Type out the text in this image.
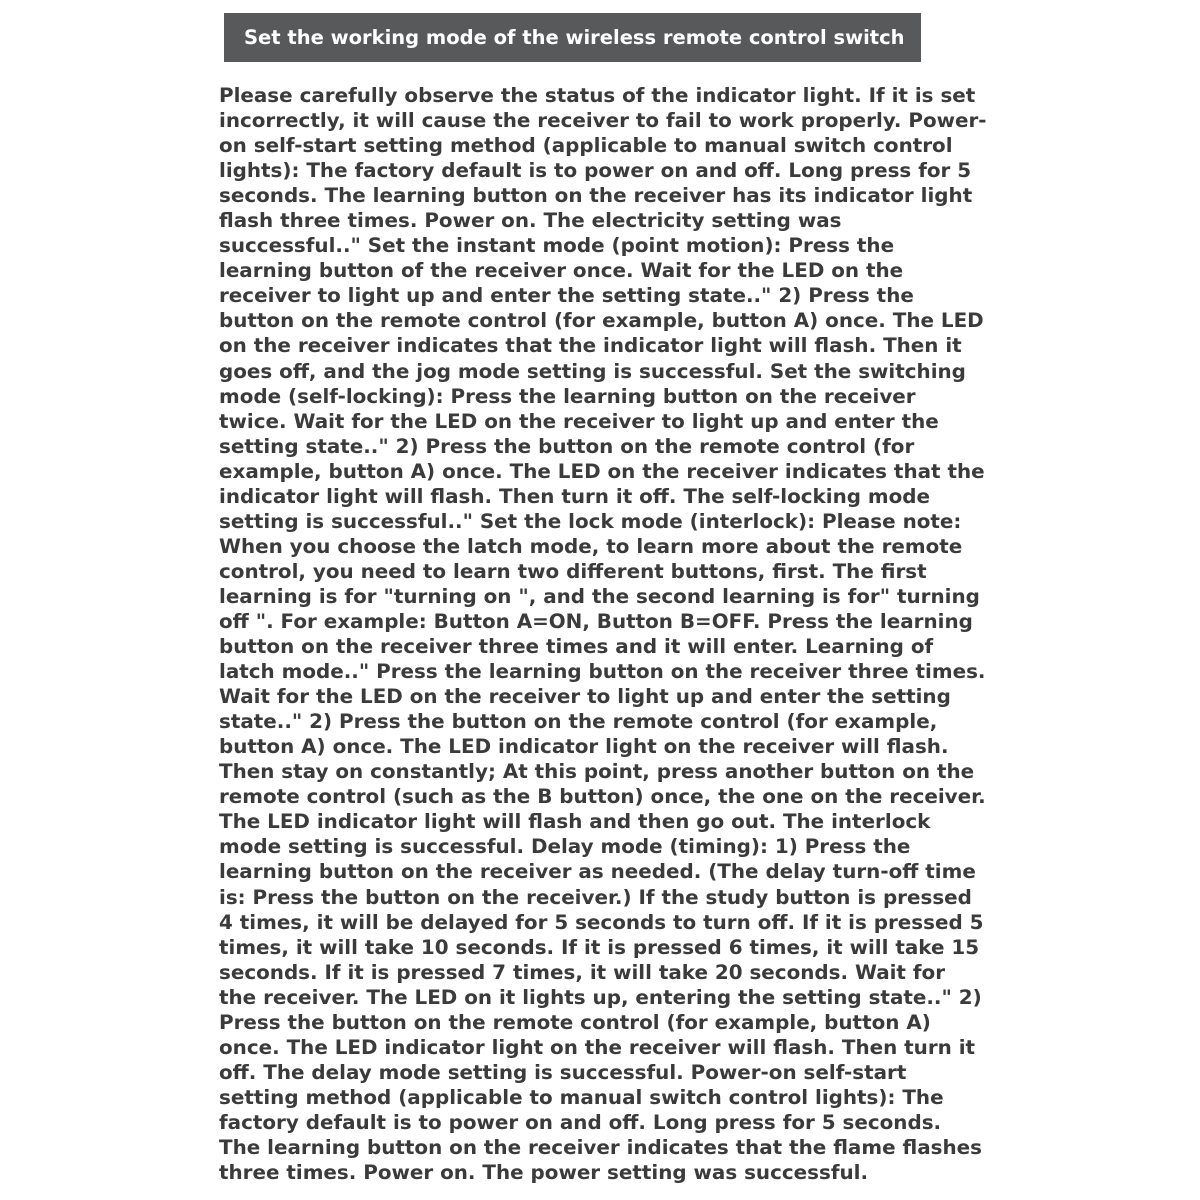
Set the working mode of the wireless remote control switch

Please carefully observe the status of the indicator light. If it is set incorrectly, it will cause the receiver to fail to work properly. Power-on self-start setting method (applicable to manual switch control lights): The factory default is to power on and off. Long press for 5 seconds. The learning button on the receiver has its indicator light flash three times. Power on. The electricity setting was successful.." Set the instant mode (point motion): Press the learning button of the receiver once. Wait for the LED on the receiver to light up and enter the setting state.." 2) Press the button on the remote control (for example, button A) once. The LED on the receiver indicates that the indicator light will flash. Then it goes off, and the jog mode setting is successful. Set the switching mode (self-locking): Press the learning button on the receiver twice. Wait for the LED on the receiver to light up and enter the setting state.." 2) Press the button on the remote control (for example, button A) once. The LED on the receiver indicates that the indicator light will flash. Then turn it off. The self-locking mode setting is successful.." Set the lock mode (interlock): Please note: When you choose the latch mode, to learn more about the remote control, you need to learn two different buttons, first. The first learning is for "turning on ", and the second learning is for" turning off ". For example: Button A=ON, Button B=OFF. Press the learning button on the receiver three times and it will enter. Learning of latch mode.." Press the learning button on the receiver three times. Wait for the LED on the receiver to light up and enter the setting state.." 2) Press the button on the remote control (for example, button A) once. The LED indicator light on the receiver will flash. Then stay on constantly; At this point, press another button on the remote control (such as the B button) once, the one on the receiver. The LED indicator light will flash and then go out. The interlock mode setting is successful. Delay mode (timing): 1) Press the learning button on the receiver as needed. (The delay turn-off time is: Press the button on the receiver.) If the study button is pressed 4 times, it will be delayed for 5 seconds to turn off. If it is pressed 5 times, it will take 10 seconds. If it is pressed 6 times, it will take 15 seconds. If it is pressed 7 times, it will take 20 seconds. Wait for the receiver. The LED on it lights up, entering the setting state.." 2) Press the button on the remote control (for example, button A) once. The LED indicator light on the receiver will flash. Then turn it off. The delay mode setting is successful. Power-on self-start setting method (applicable to manual switch control lights): The factory default is to power on and off. Long press for 5 seconds. The learning button on the receiver indicates that the flame flashes three times. Power on. The power setting was successful.
